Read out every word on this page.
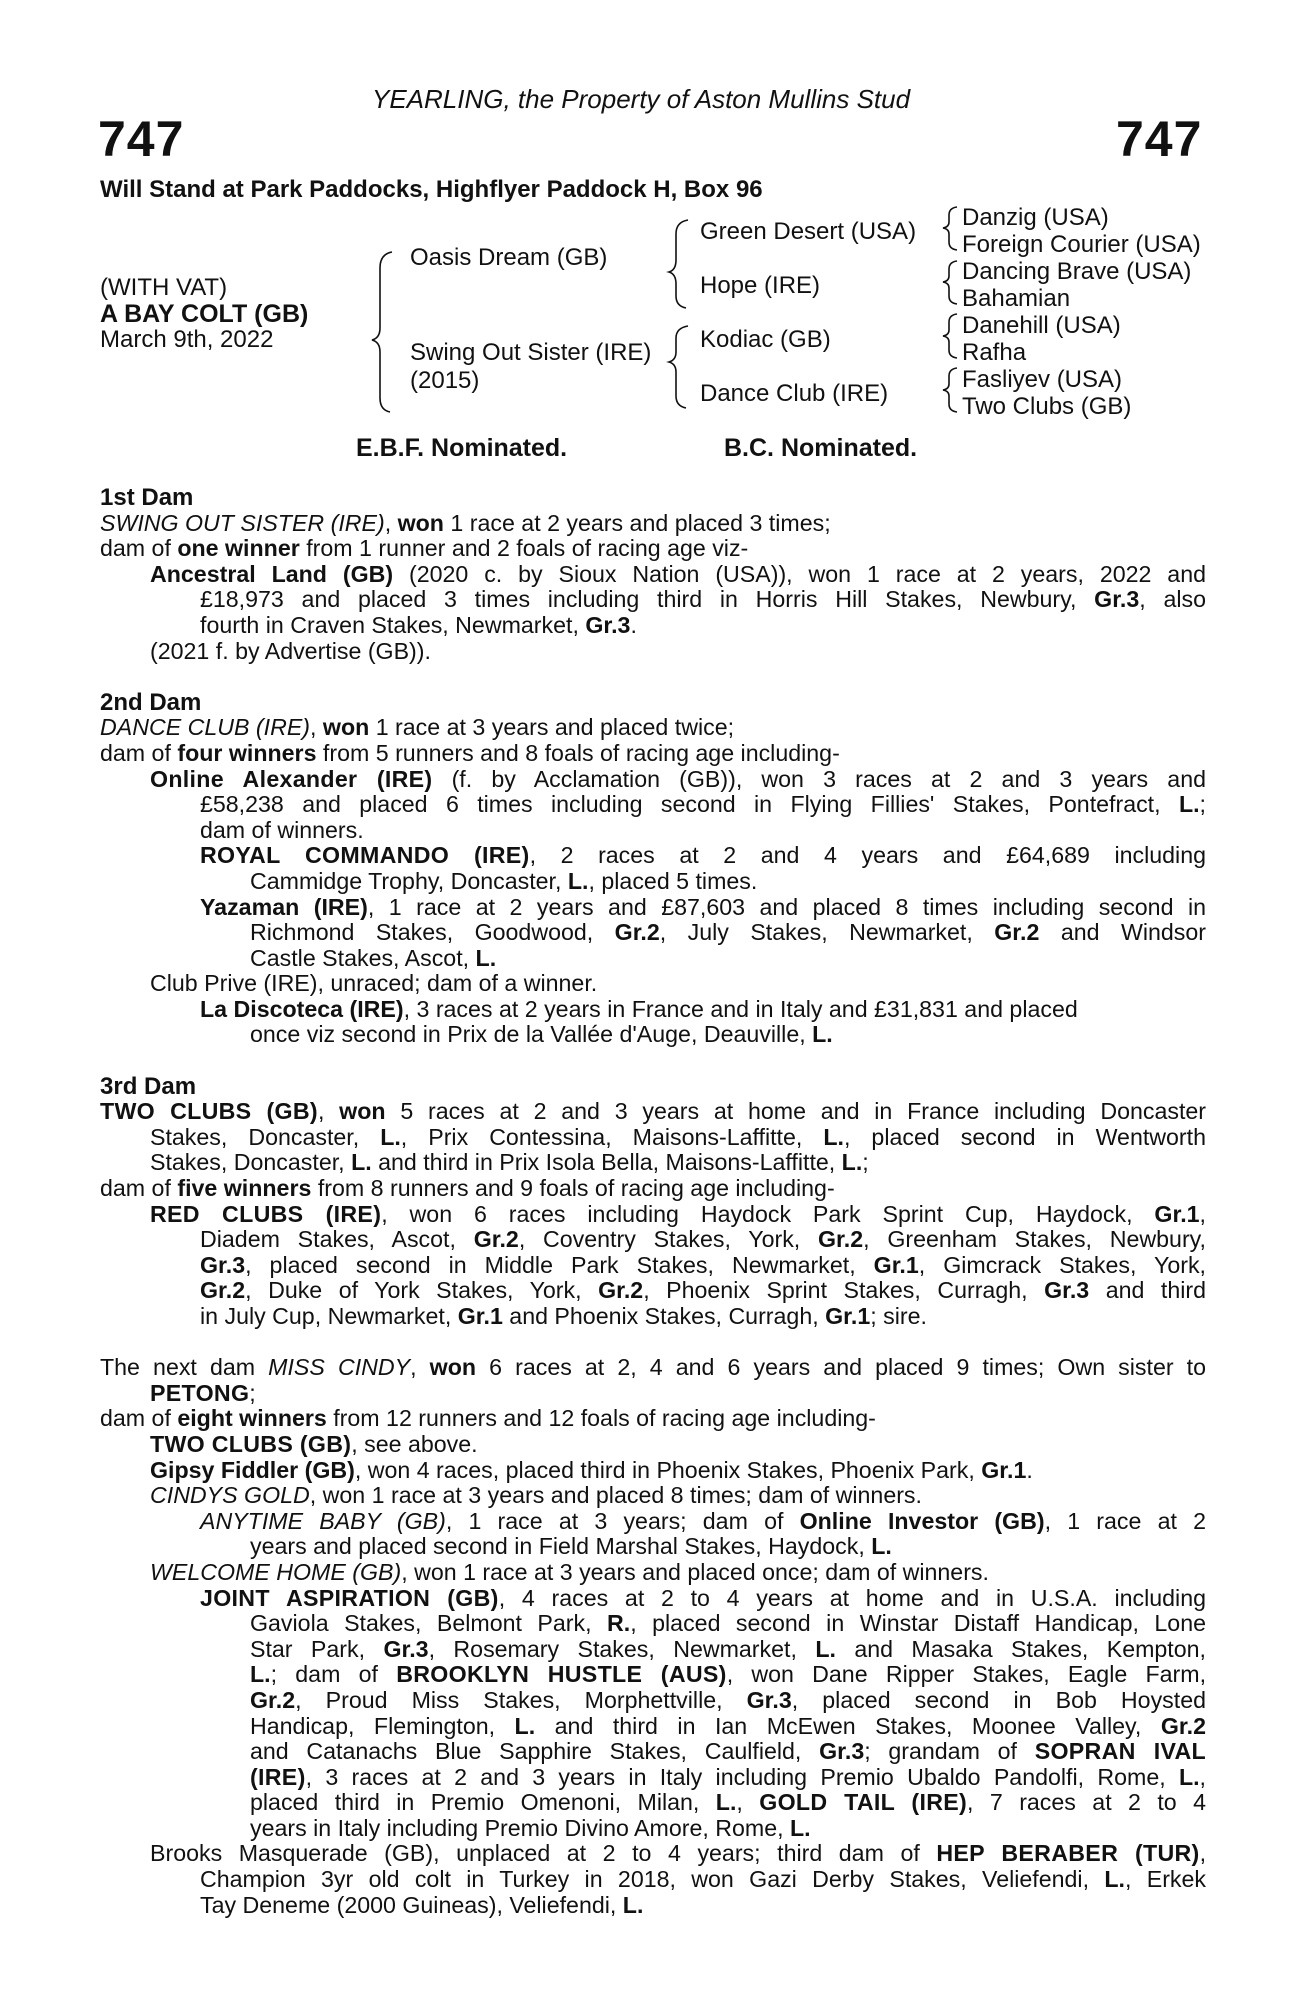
YEARLING, the Property of Aston Mullins Stud
747	747
Will Stand at Park Paddocks, Highflyer Paddock H, Box 96
(WITH VAT)
A BAY COLT (GB)
March 9th, 2022
Oasis Dream (GB)
Swing Out Sister (IRE)
(2015)
Green Desert (USA)
Hope (IRE)
Kodiac (GB)
Dance Club (IRE)
Danzig (USA)
Foreign Courier (USA)
Dancing Brave (USA)
Bahamian
Danehill (USA)
Rafha
Fasliyev (USA)
Two Clubs (GB)
E.B.F. Nominated.	B.C. Nominated.
1st Dam
SWING OUT SISTER (IRE), won 1 race at 2 years and placed 3 times;
dam of one winner from 1 runner and 2 foals of racing age viz-
Ancestral Land (GB) (2020 c. by Sioux Nation (USA)), won 1 race at 2 years, 2022 and
£18,973 and placed 3 times including third in Horris Hill Stakes, Newbury, Gr.3, also
fourth in Craven Stakes, Newmarket, Gr.3.
(2021 f. by Advertise (GB)).
2nd Dam
DANCE CLUB (IRE), won 1 race at 3 years and placed twice;
dam of four winners from 5 runners and 8 foals of racing age including-
Online Alexander (IRE) (f. by Acclamation (GB)), won 3 races at 2 and 3 years and
£58,238 and placed 6 times including second in Flying Fillies' Stakes, Pontefract, L.;
dam of winners.
ROYAL COMMANDO (IRE), 2 races at 2 and 4 years and £64,689 including
Cammidge Trophy, Doncaster, L., placed 5 times.
Yazaman (IRE), 1 race at 2 years and £87,603 and placed 8 times including second in
Richmond Stakes, Goodwood, Gr.2, July Stakes, Newmarket, Gr.2 and Windsor
Castle Stakes, Ascot, L.
Club Prive (IRE), unraced; dam of a winner.
La Discoteca (IRE), 3 races at 2 years in France and in Italy and £31,831 and placed
once viz second in Prix de la Vallée d'Auge, Deauville, L.
3rd Dam
TWO CLUBS (GB), won 5 races at 2 and 3 years at home and in France including Doncaster
Stakes, Doncaster, L., Prix Contessina, Maisons-Laffitte, L., placed second in Wentworth
Stakes, Doncaster, L. and third in Prix Isola Bella, Maisons-Laffitte, L.;
dam of five winners from 8 runners and 9 foals of racing age including-
RED CLUBS (IRE), won 6 races including Haydock Park Sprint Cup, Haydock, Gr.1,
Diadem Stakes, Ascot, Gr.2, Coventry Stakes, York, Gr.2, Greenham Stakes, Newbury,
Gr.3, placed second in Middle Park Stakes, Newmarket, Gr.1, Gimcrack Stakes, York,
Gr.2, Duke of York Stakes, York, Gr.2, Phoenix Sprint Stakes, Curragh, Gr.3 and third
in July Cup, Newmarket, Gr.1 and Phoenix Stakes, Curragh, Gr.1; sire.
The next dam MISS CINDY, won 6 races at 2, 4 and 6 years and placed 9 times; Own sister to
PETONG;
dam of eight winners from 12 runners and 12 foals of racing age including-
TWO CLUBS (GB), see above.
Gipsy Fiddler (GB), won 4 races, placed third in Phoenix Stakes, Phoenix Park, Gr.1.
CINDYS GOLD, won 1 race at 3 years and placed 8 times; dam of winners.
ANYTIME BABY (GB), 1 race at 3 years; dam of Online Investor (GB), 1 race at 2
years and placed second in Field Marshal Stakes, Haydock, L.
WELCOME HOME (GB), won 1 race at 3 years and placed once; dam of winners.
JOINT ASPIRATION (GB), 4 races at 2 to 4 years at home and in U.S.A. including
Gaviola Stakes, Belmont Park, R., placed second in Winstar Distaff Handicap, Lone
Star Park, Gr.3, Rosemary Stakes, Newmarket, L. and Masaka Stakes, Kempton,
L.; dam of BROOKLYN HUSTLE (AUS), won Dane Ripper Stakes, Eagle Farm,
Gr.2, Proud Miss Stakes, Morphettville, Gr.3, placed second in Bob Hoysted
Handicap, Flemington, L. and third in Ian McEwen Stakes, Moonee Valley, Gr.2
and Catanachs Blue Sapphire Stakes, Caulfield, Gr.3; grandam of SOPRAN IVAL
(IRE), 3 races at 2 and 3 years in Italy including Premio Ubaldo Pandolfi, Rome, L.,
placed third in Premio Omenoni, Milan, L., GOLD TAIL (IRE), 7 races at 2 to 4
years in Italy including Premio Divino Amore, Rome, L.
Brooks Masquerade (GB), unplaced at 2 to 4 years; third dam of HEP BERABER (TUR),
Champion 3yr old colt in Turkey in 2018, won Gazi Derby Stakes, Veliefendi, L., Erkek
Tay Deneme (2000 Guineas), Veliefendi, L.
